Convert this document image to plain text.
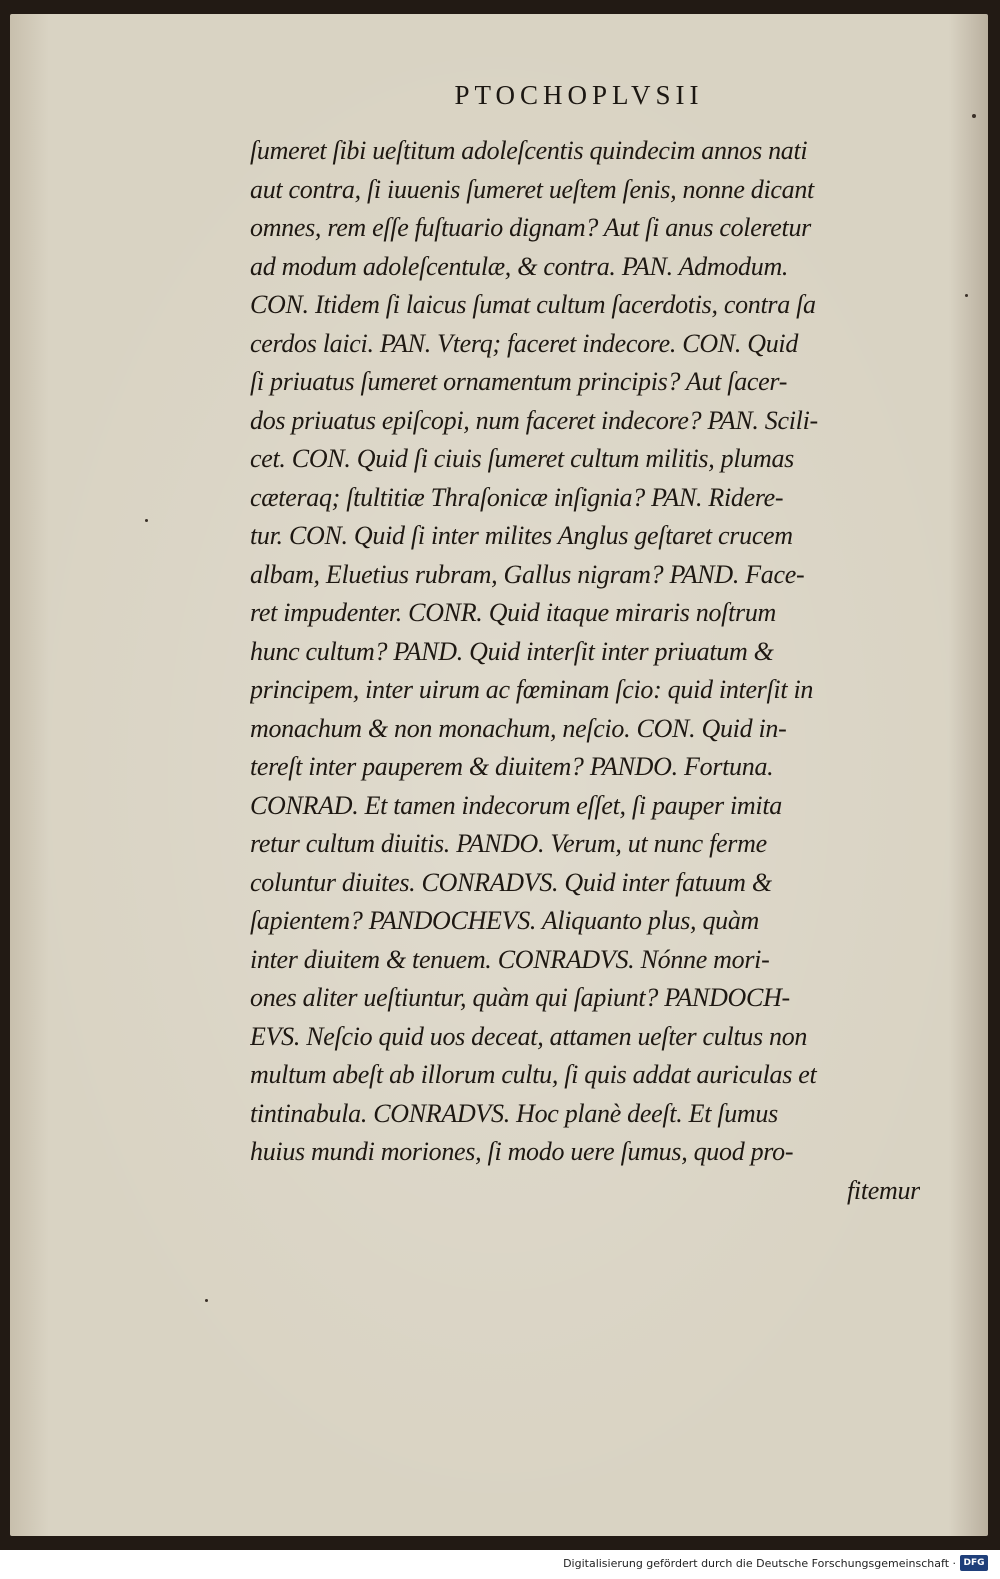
PTOCHOPLVSII
ſumeret ſibi ueſtitum adoleſcentis quindecim annos nati
aut contra, ſi iuuenis ſumeret ueſtem ſenis, nonne dicant
omnes, rem eſſe fuſtuario dignam? Aut ſi anus coleretur
ad modum adoleſcentulæ, & contra. PAN. Admodum.
CON. Itidem ſi laicus ſumat cultum ſacerdotis, contra ſa
cerdos laici. PAN. Vterq; faceret indecore. CON. Quid
ſi priuatus ſumeret ornamentum principis? Aut ſacer-
dos priuatus epiſcopi, num faceret indecore? PAN. Scili-
cet. CON. Quid ſi ciuis ſumeret cultum militis, plumas
cæteraq; ſtultitiæ Thraſonicæ inſignia? PAN. Ridere-
tur. CON. Quid ſi inter milites Anglus geſtaret crucem
albam, Eluetius rubram, Gallus nigram? PAND. Face-
ret impudenter. CONR. Quid itaque miraris noſtrum
hunc cultum? PAND. Quid interſit inter priuatum &
principem, inter uirum ac fœminam ſcio: quid interſit in
monachum & non monachum, neſcio. CON. Quid in-
tereſt inter pauperem & diuitem? PANDO. Fortuna.
CONRAD. Et tamen indecorum eſſet, ſi pauper imita
retur cultum diuitis. PANDO. Verum, ut nunc ferme
coluntur diuites. CONRADVS. Quid inter fatuum &
ſapientem? PANDOCHEVS. Aliquanto plus, quàm
inter diuitem & tenuem. CONRADVS. Nónne mori-
ones aliter ueſtiuntur, quàm qui ſapiunt? PANDOCH-
EVS. Neſcio quid uos deceat, attamen ueſter cultus non
multum abeſt ab illorum cultu, ſi quis addat auriculas et
tintinabula. CONRADVS. Hoc planè deeſt. Et ſumus
huius mundi moriones, ſi modo uere ſumus, quod pro-
fitemur
Digitalisierung gefördert durch die Deutsche Forschungsgemeinschaft · DFG
